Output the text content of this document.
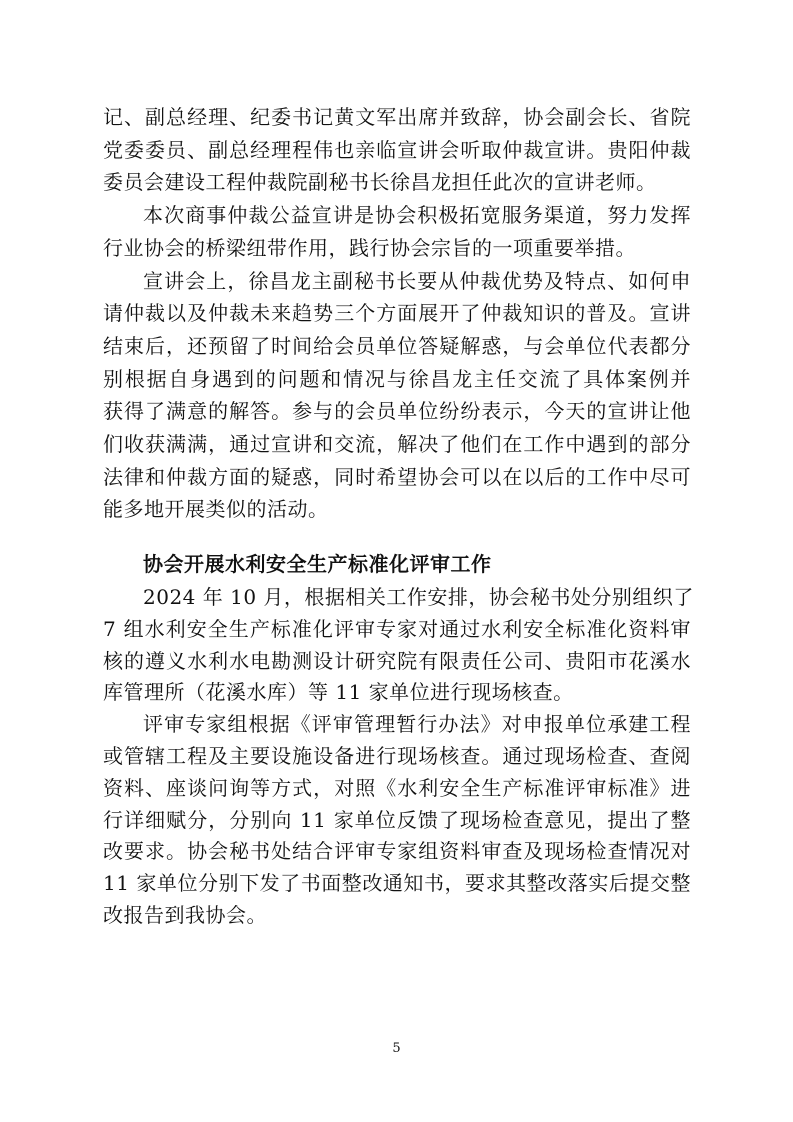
记、副总经理、纪委书记黄文军出席并致辞，协会副会长、省院
党委委员、副总经理程伟也亲临宣讲会听取仲裁宣讲。贵阳仲裁
委员会建设工程仲裁院副秘书长徐昌龙担任此次的宣讲老师。
本次商事仲裁公益宣讲是协会积极拓宽服务渠道，努力发挥
行业协会的桥梁纽带作用，践行协会宗旨的一项重要举措。
宣讲会上，徐昌龙主副秘书长要从仲裁优势及特点、如何申
请仲裁以及仲裁未来趋势三个方面展开了仲裁知识的普及。宣讲
结束后，还预留了时间给会员单位答疑解惑，与会单位代表都分
别根据自身遇到的问题和情况与徐昌龙主任交流了具体案例并
获得了满意的解答。参与的会员单位纷纷表示，今天的宣讲让他
们收获满满，通过宣讲和交流，解决了他们在工作中遇到的部分
法律和仲裁方面的疑惑，同时希望协会可以在以后的工作中尽可
协会开展水利安全生产标准化评审工作
2024 年 10 月，根据相关工作安排，协会秘书处分别组织了
7 组水利安全生产标准化评审专家对通过水利安全标准化资料审
核的遵义水利水电勘测设计研究院有限责任公司、贵阳市花溪水
库管理所（花溪水库）等 11 家单位进行现场核查。
评审专家组根据《评审管理暂行办法》对申报单位承建工程
或管辖工程及主要设施设备进行现场核查。通过现场检查、查阅
资料、座谈问询等方式，对照《水利安全生产标准评审标准》进
行详细赋分，分别向 11 家单位反馈了现场检查意见，提出了整
改要求。协会秘书处结合评审专家组资料审查及现场检查情况对
11 家单位分别下发了书面整改通知书，要求其整改落实后提交整
改报告到我协会。
5
能多地开展类似的活动。
